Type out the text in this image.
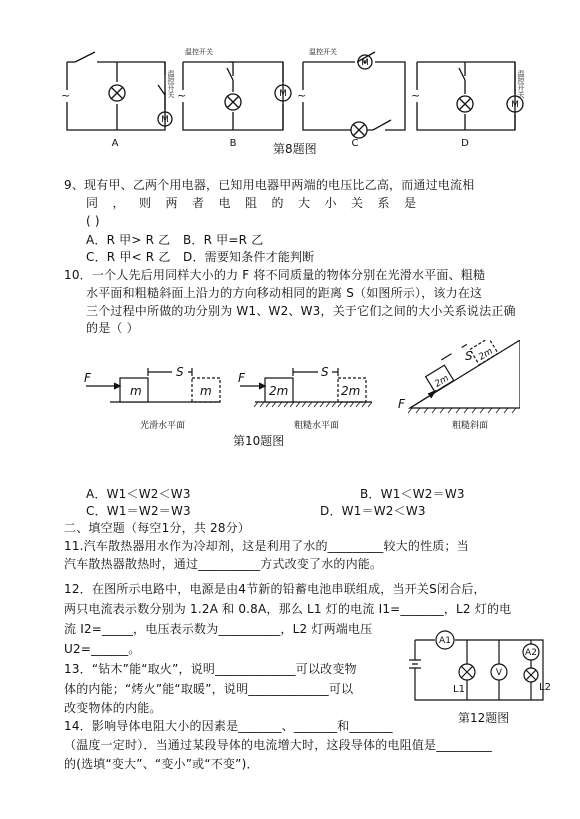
~	~	~	~
M
M
M
M
温控开关
温控开关	温控开关
温控开关
A	B	C	D
第8题图
9、现有甲、乙两个用电器，已知用电器甲两端的电压比乙高，而通过电流相
同，则两者电阻的大小关系是
( )
A．R 甲> R 乙 B．R 甲=R 乙
C．R 甲< R 乙 D．需要知条件才能判断
10．一个人先后用同样大小的力 F 将不同质量的物体分别在光滑水平面、粗糙
水平面和粗糙斜面上沿力的方向移动相同的距离 S（如图所示），该力在这
三个过程中所做的功分别为 W1、W2、W3，关于它们之间的大小关系说法正确
的是（ ）
F	S
m	m
F	S
2m	2m
F
S
2m
2m
光滑水平面	粗糙水平面	粗糙斜面
第10题图
A．W1＜W2＜W3	B．W1＜W2＝W3
C．W1＝W2＝W3	D．W1＝W2＜W3
二、填空题（每空1分，共 28分）
11.汽车散热器用水作为冷却剂，这是利用了水的_________较大的性质；当
汽车散热器散热时，通过__________方式改变了水的内能。
12．在图所示电路中，电源是由4节新的铅蓄电池串联组成，当开关S闭合后，
两只电流表示数分别为 1.2A 和 0.8A，那么 L1 灯的电流 I1=_______，L2 灯的电
流 I2=_____，电压表示数为__________，L2 灯两端电压
U2=______。
A1
V
A2
L1	L2
第12题图
13．“钻木”能“取火”，说明_____________可以改变物
体的内能；“烤火”能“取暖”，说明_____________可以
改变物体的内能。
14．影响导体电阻大小的因素是_______、_______和_______
（温度一定时）．当通过某段导体的电流增大时，这段导体的电阻值是_________
的(选填“变大”、“变小”或“不变”)．
